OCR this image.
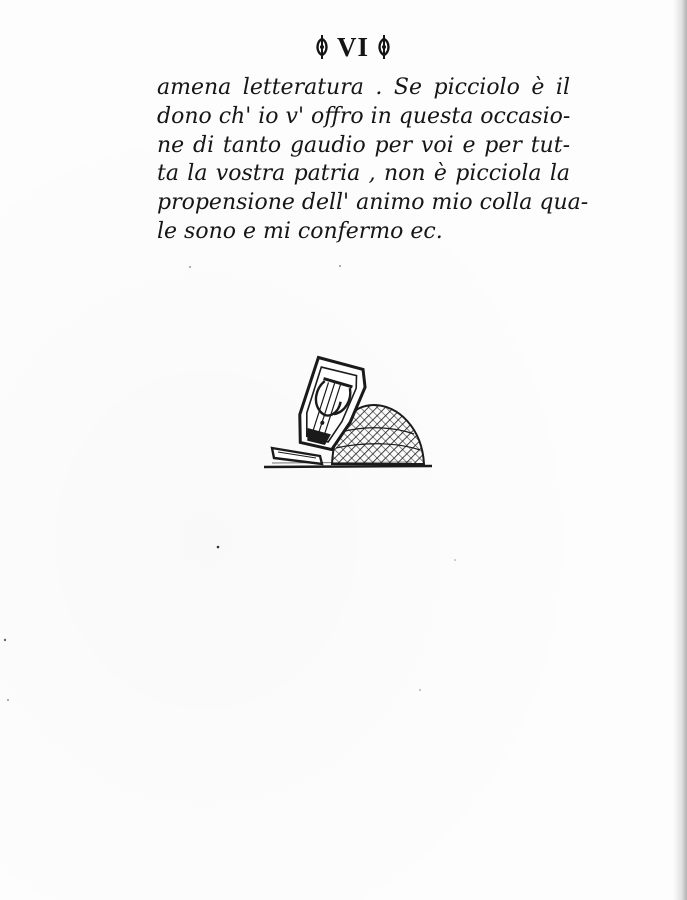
VI
amena letteratura . Se picciolo è il
dono ch' io v' offro in questa occasio-
ne di tanto gaudio per voi e per tut-
ta la vostra patria , non è picciola la
propensione dell' animo mio colla qua-
le sono e mi confermo ec.
